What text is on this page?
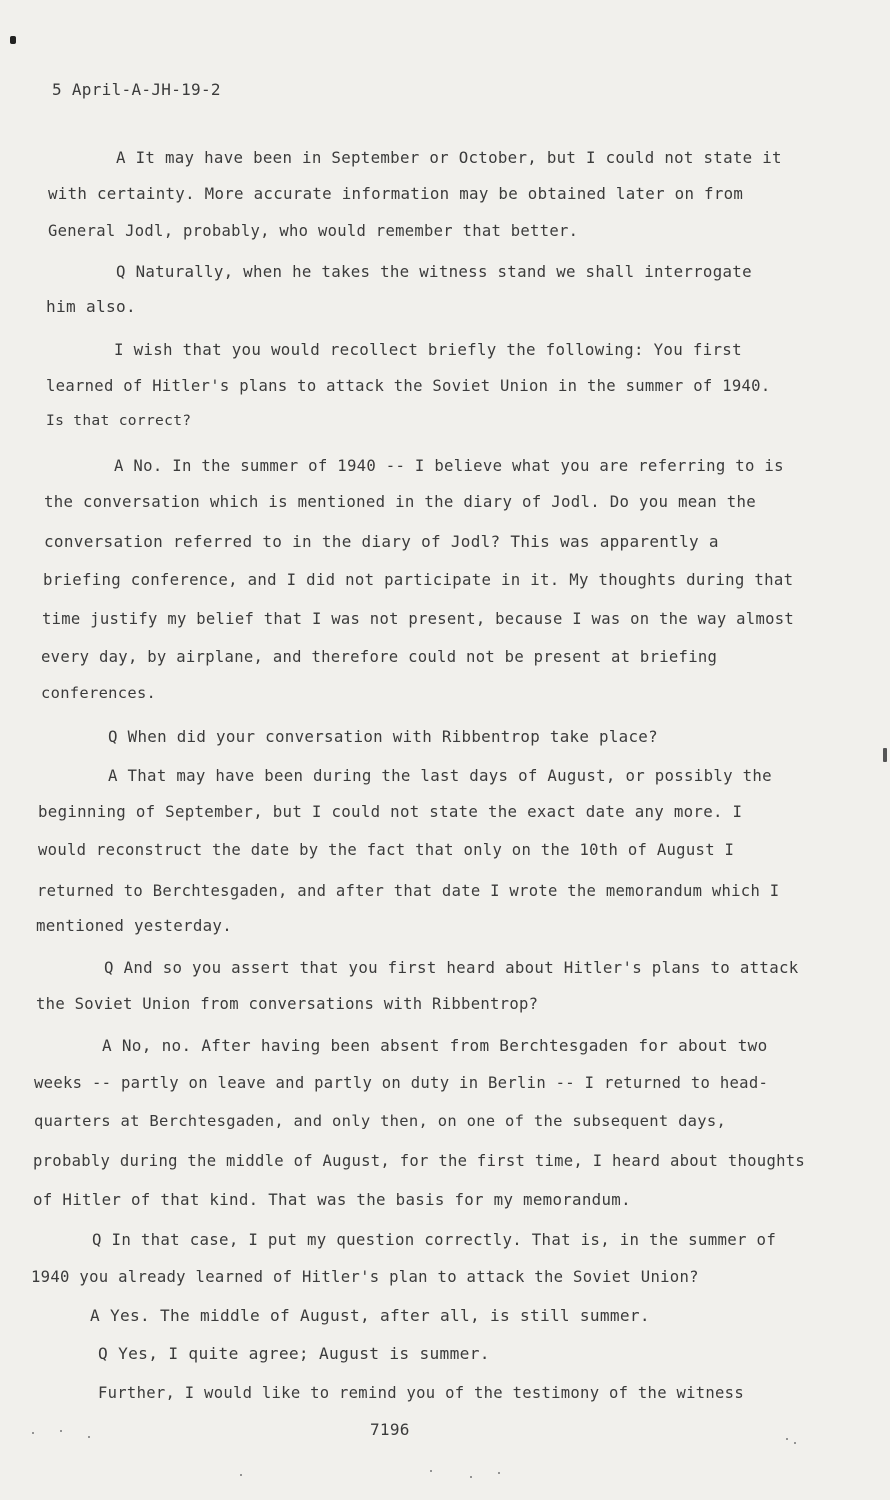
5 April-A-JH-19-2
A It may have been in September or October, but I could not state it
with certainty. More accurate information may be obtained later on from
General Jodl, probably, who would remember that better.
Q Naturally, when he takes the witness stand we shall interrogate
him also.
I wish that you would recollect briefly the following: You first
learned of Hitler's plans to attack the Soviet Union in the summer of 1940.
Is that correct?
A No. In the summer of 1940 -- I believe what you are referring to is
the conversation which is mentioned in the diary of Jodl. Do you mean the
conversation referred to in the diary of Jodl? This was apparently a
briefing conference, and I did not participate in it. My thoughts during that
time justify my belief that I was not present, because I was on the way almost
every day, by airplane, and therefore could not be present at briefing
conferences.
Q When did your conversation with Ribbentrop take place?
A That may have been during the last days of August, or possibly the
beginning of September, but I could not state the exact date any more. I
would reconstruct the date by the fact that only on the 10th of August I
returned to Berchtesgaden, and after that date I wrote the memorandum which I
mentioned yesterday.
Q And so you assert that you first heard about Hitler's plans to attack
the Soviet Union from conversations with Ribbentrop?
A No, no. After having been absent from Berchtesgaden for about two
weeks -- partly on leave and partly on duty in Berlin -- I returned to head-
quarters at Berchtesgaden, and only then, on one of the subsequent days,
probably during the middle of August, for the first time, I heard about thoughts
of Hitler of that kind. That was the basis for my memorandum.
Q In that case, I put my question correctly. That is, in the summer of
1940 you already learned of Hitler's plan to attack the Soviet Union?
A Yes. The middle of August, after all, is still summer.
Q Yes, I quite agree; August is summer.
Further, I would like to remind you of the testimony of the witness
7196
